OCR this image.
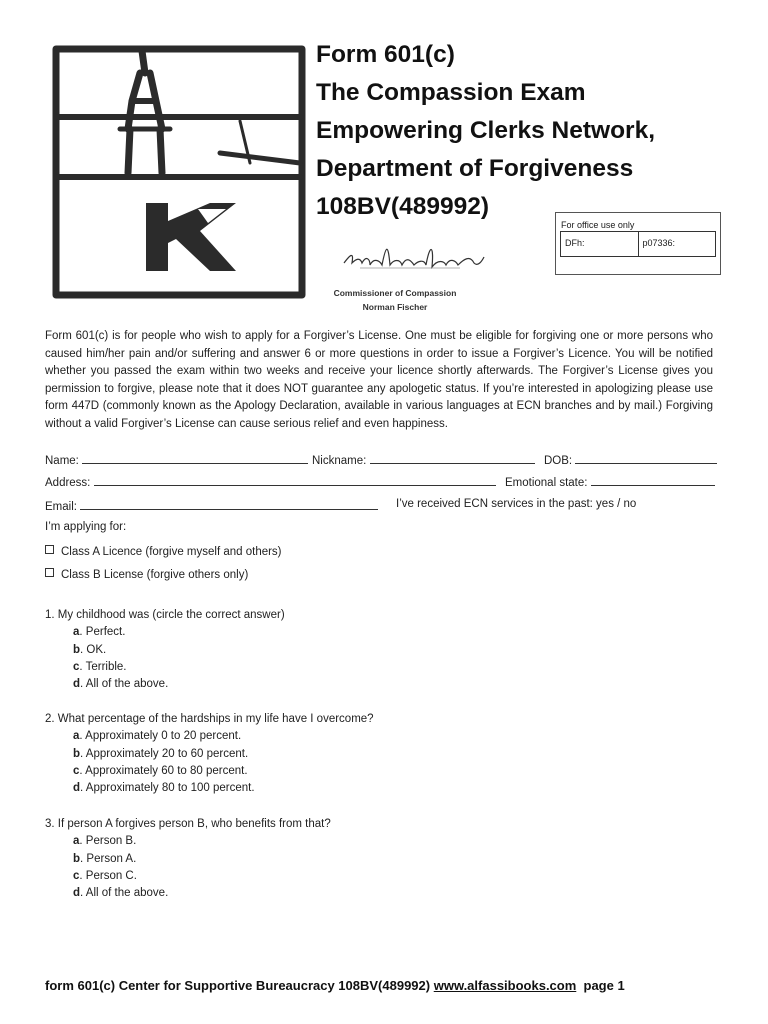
Form 601(c)
The Compassion Exam
Empowering Clerks Network,
Department of Forgiveness
108BV(489992)
For office use only
DFh:	p07336:
Commissioner of Compassion
Norman Fischer
Form 601(c) is for people who wish to apply for a Forgiver’s License. One must be eligible for forgiving one or more persons who caused him/her pain and/or suffering and answer 6 or more questions in order to issue a Forgiver’s Licence. You will be notified whether you passed the exam within two weeks and receive your licence shortly afterwards. The Forgiver’s License gives you permission to forgive, please note that it does NOT guarantee any apologetic status. If you’re interested in apologizing please use form 447D (commonly known as the Apology Declaration, available in various languages at ECN branches and by mail.) Forgiving without a valid Forgiver’s License can cause serious relief and even happiness.
Name:	Nickname:	DOB:
Address:	Emotional state:
Email:	I’ve received ECN services in the past: yes / no
I’m applying for:
Class A Licence (forgive myself and others)
Class B License (forgive others only)
1. My childhood was (circle the correct answer)
a. Perfect.
b. OK.
c. Terrible.
d. All of the above.
2. What percentage of the hardships in my life have I overcome?
a. Approximately 0 to 20 percent.
b. Approximately 20 to 60 percent.
c. Approximately 60 to 80 percent.
d. Approximately 80 to 100 percent.
3. If person A forgives person B, who benefits from that?
a. Person B.
b. Person A.
c. Person C.
d. All of the above.
form 601(c) Center for Supportive Bureaucracy 108BV(489992) www.alfassibooks.com  page 1
